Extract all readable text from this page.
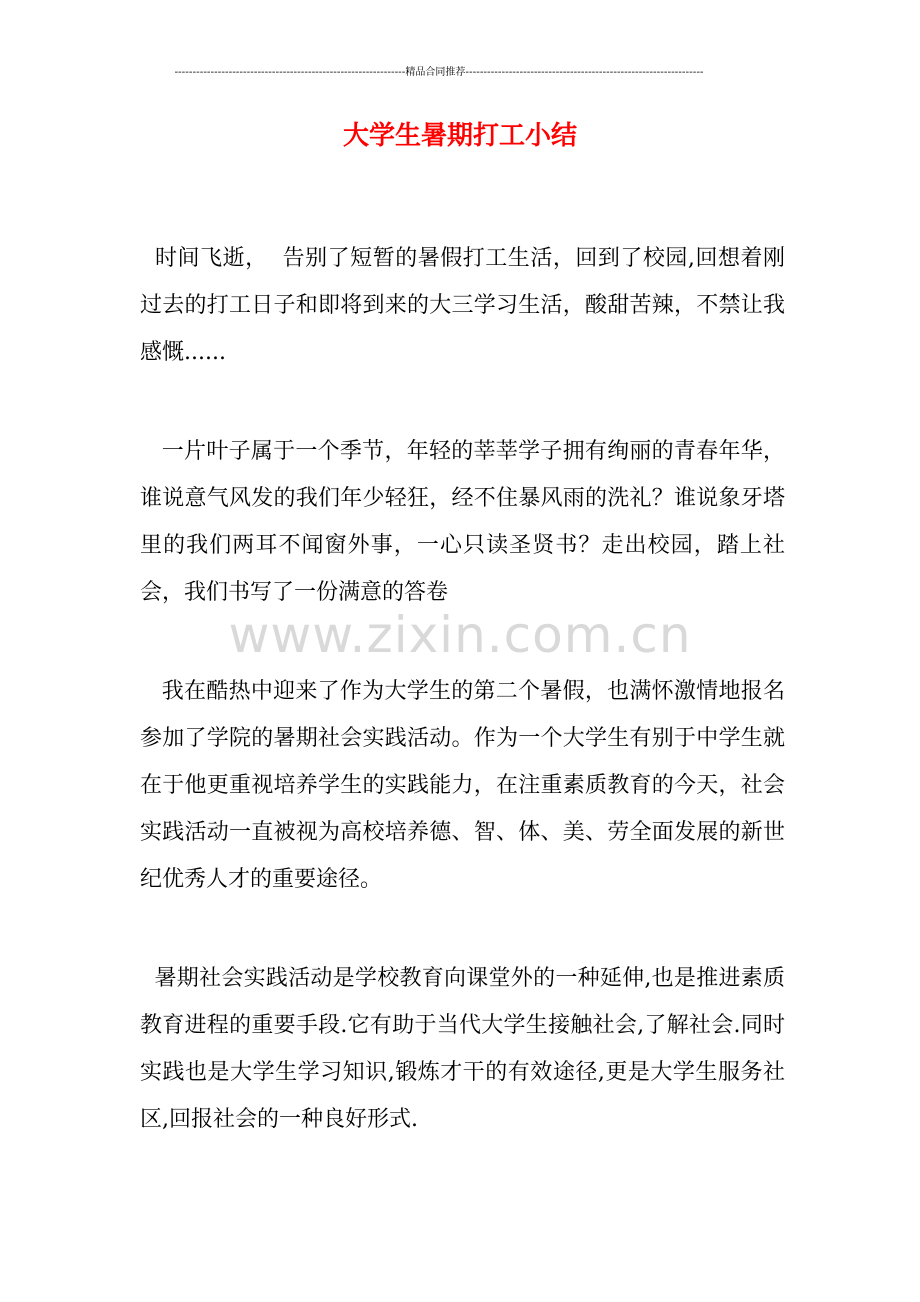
----------------------------------------------------------------精品合同推荐------------------------------------------------------------------
大学生暑期打工小结

时间飞逝，  告别了短暂的暑假打工生活，回到了校园,回想着刚过去的打工日子和即将到来的大三学习生活，酸甜苦辣，不禁让我感慨......

一片叶子属于一个季节，年轻的莘莘学子拥有绚丽的青春年华，谁说意气风发的我们年少轻狂，经不住暴风雨的洗礼？谁说象牙塔里的我们两耳不闻窗外事，一心只读圣贤书？走出校园，踏上社会，我们书写了一份满意的答卷

我在酷热中迎来了作为大学生的第二个暑假，也满怀激情地报名参加了学院的暑期社会实践活动。作为一个大学生有别于中学生就在于他更重视培养学生的实践能力，在注重素质教育的今天，社会实践活动一直被视为高校培养德、智、体、美、劳全面发展的新世纪优秀人才的重要途径。

暑期社会实践活动是学校教育向课堂外的一种延伸,也是推进素质教育进程的重要手段.它有助于当代大学生接触社会,了解社会.同时实践也是大学生学习知识,锻炼才干的有效途径,更是大学生服务社区,回报社会的一种良好形式.

www.zixin.com.cn
